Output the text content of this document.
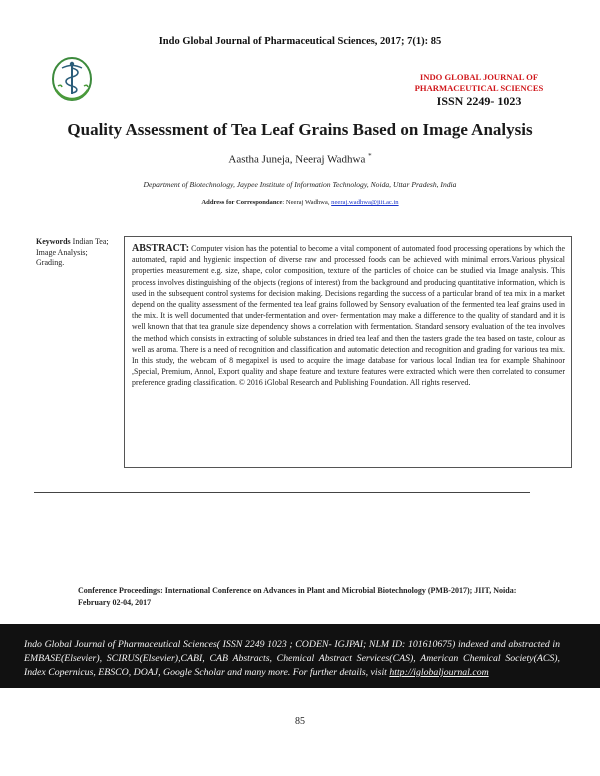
Indo Global Journal of Pharmaceutical Sciences, 2017; 7(1): 85
INDO GLOBAL JOURNAL OF
PHARMACEUTICAL SCIENCES
ISSN 2249- 1023
Quality Assessment of Tea Leaf Grains Based on Image Analysis
Aastha Juneja, Neeraj Wadhwa *
Department of Biotechnology, Jaypee Institute of Information Technology, Noida, Uttar Pradesh, India
Address for Correspondance: Neeraj Wadhwa, neeraj.wadhwa@jiit.ac.in
Keywords Indian Tea; Image Analysis; Grading.
ABSTRACT: Computer vision has the potential to become a vital component of automated food processing operations by which the automated, rapid and hygienic inspection of diverse raw and processed foods can be achieved with minimal errors.Various physical properties measurement e.g. size, shape, color composition, texture of the particles of choice can be studied via Image analysis. This process involves distinguishing of the objects (regions of interest) from the background and producing quantitative information, which is used in the subsequent control systems for decision making. Decisions regarding the success of a particular brand of tea mix in a market depend on the quality assessment of the fermented tea leaf grains followed by Sensory evaluation of the fermented tea leaf grains used in the mix. It is well documented that under-fermentation and over- fermentation may make a difference to the quality of standard and it is well known that that tea granule size dependency shows a correlation with fermentation. Standard sensory evaluation of the tea involves the method which consists in extracting of soluble substances in dried tea leaf and then the tasters grade the tea based on taste, colour as well as aroma. There is a need of recognition and classification and automatic detection and recognition and grading for various tea mix. In this study, the webcam of 8 megapixel is used to acquire the image database for various local Indian tea for example Shahinoor ,Special, Premium, Annol, Export quality and shape feature and texture features were extracted which were then correlated to consumer preference grading classification. © 2016 iGlobal Research and Publishing Foundation. All rights reserved.
Conference Proceedings: International Conference on Advances in Plant and Microbial Biotechnology (PMB-2017); JIIT, Noida: February 02-04, 2017
Indo Global Journal of Pharmaceutical Sciences( ISSN 2249 1023 ; CODEN- IGJPAI; NLM ID: 101610675) indexed and abstracted in EMBASE(Elsevier), SCIRUS(Elsevier),CABI, CAB Abstracts, Chemical Abstract Services(CAS), American Chemical Society(ACS), Index Copernicus, EBSCO, DOAJ, Google Scholar and many more. For further details, visit http://iglobaljournal.com
85
